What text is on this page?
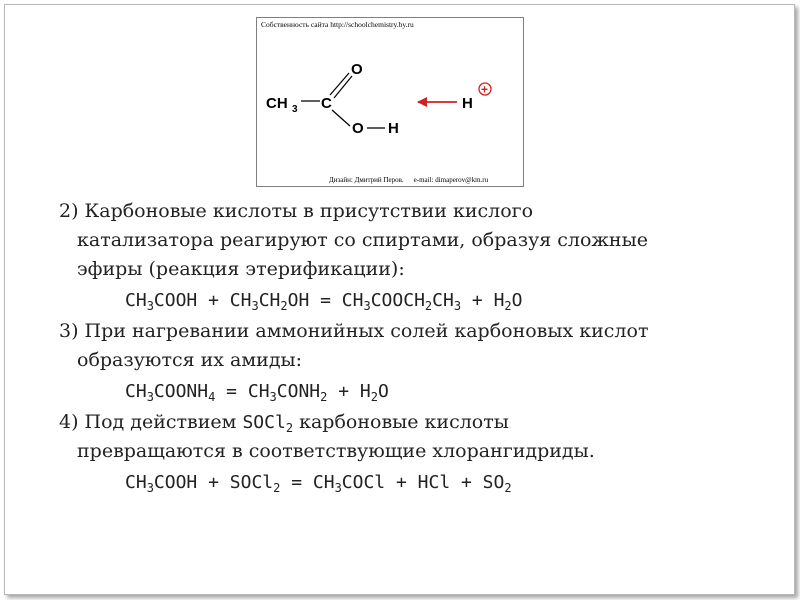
Собственность сайта http://schoolchemistry.by.ru
CH 3 C
O
O H
H
+
Дизайн: Дмитрий Перов. e-mail: dimaperov@km.ru
2) Карбоновые кислоты в присутствии кислого
катализатора реагируют со спиртами, образуя сложные
эфиры (реакция этерификации):
$CH_3COOH + CH_3CH_2OH$ = $CH_3COOCH_2CH_3 + H_2O$
3) При нагревании аммонийных солей карбоновых кислот
образуются их амиды:
$CH_3COONH_4$ = $CH_3CONH_2 + H_2O$
4) Под действием SOCl$_2$ карбоновые кислоты
превращаются в соответствующие хлорангидриды.
$CH_3COOH$ + SOCl$_2$ = $CH_3COCl$ + HCl + $SO_2$
